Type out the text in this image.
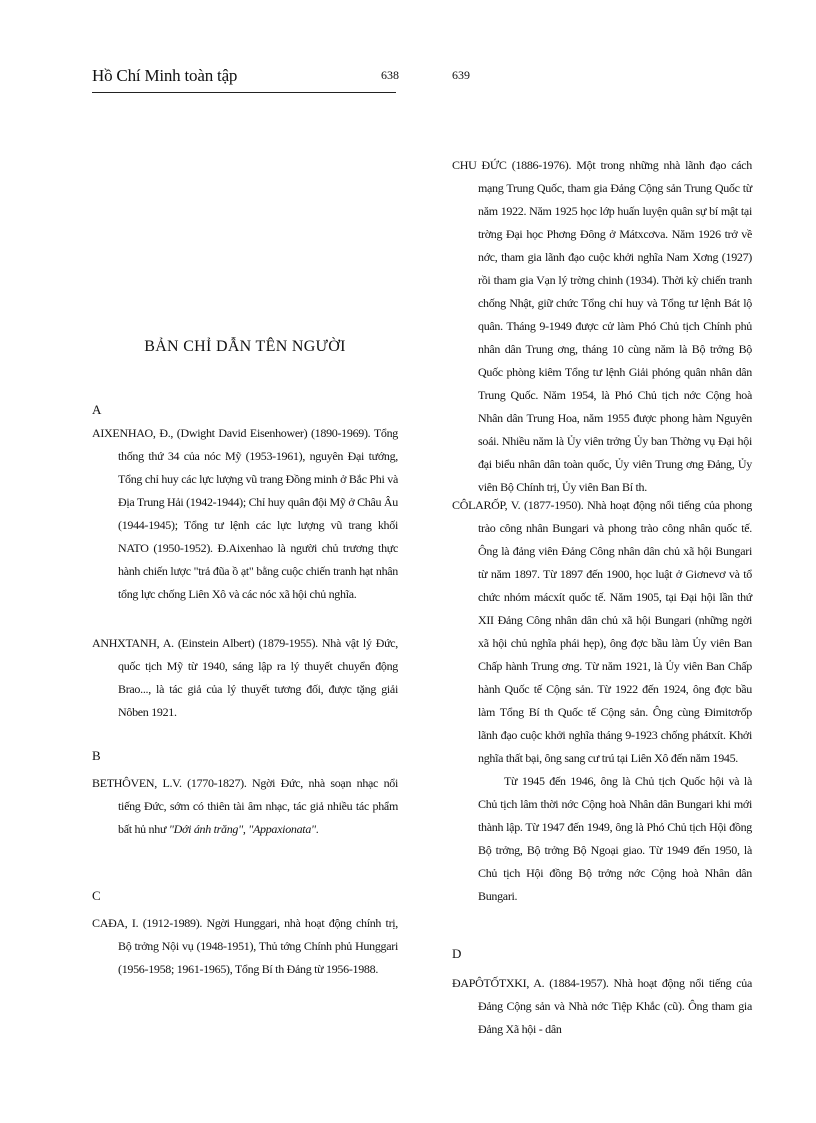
Hồ Chí Minh toàn tập	638	639
BẢN CHỈ DẪN TÊN NGƯỜI
A

AIXENHAO, Đ., (Dwight David Eisenhower) (1890-1969). Tổng thống thứ 34 của nóc Mỹ (1953-1961), nguyên Đại tướng, Tổng chỉ huy các lực lượng vũ trang Đồng minh ở Bắc Phi và Địa Trung Hải (1942-1944); Chỉ huy quân đội Mỹ ở Châu Âu (1944-1945); Tổng tư lệnh các lực lượng vũ trang khối NATO (1950-1952). Đ.Aixenhao là người chủ trương thực hành chiến lược "trả đũa ồ ạt" bằng cuộc chiến tranh hạt nhân tổng lực chống Liên Xô và các nóc xã hội chủ nghĩa.

ANHXTANH, A. (Einstein Albert) (1879-1955). Nhà vật lý Đức, quốc tịch Mỹ từ 1940, sáng lập ra lý thuyết chuyển động Brao..., là tác giả của lý thuyết tương đối, được tặng giải Nôben 1921.

B

BETHÔVEN, L.V. (1770-1827). Ngời Đức, nhà soạn nhạc nổi tiếng Đức, sớm có thiên tài âm nhạc, tác giả nhiều tác phẩm bất hủ như "Dới ánh trăng", "Appaxionata".

C

CAĐA, I. (1912-1989). Ngời Hunggari, nhà hoạt động chính trị, Bộ trởng Nội vụ (1948-1951), Thủ tớng Chính phủ Hunggari (1956-1958; 1961-1965), Tổng Bí th Đảng từ 1956-1988.

CHU ĐỨC (1886-1976). Một trong những nhà lãnh đạo cách mạng Trung Quốc, tham gia Đảng Cộng sản Trung Quốc từ năm 1922. Năm 1925 học lớp huấn luyện quân sự bí mật tại trờng Đại học Phơng Đông ở Mátxcơva. Năm 1926 trở về nớc, tham gia lãnh đạo cuộc khởi nghĩa Nam Xơng (1927) rồi tham gia Vạn lý trờng chinh (1934). Thời kỳ chiến tranh chống Nhật, giữ chức Tổng chỉ huy và Tổng tư lệnh Bát lộ quân. Tháng 9-1949 được cử làm Phó Chủ tịch Chính phủ nhân dân Trung ơng, tháng 10 cùng năm là Bộ trởng Bộ Quốc phòng kiêm Tổng tư lệnh Giải phóng quân nhân dân Trung Quốc. Năm 1954, là Phó Chủ tịch nớc Cộng hoà Nhân dân Trung Hoa, năm 1955 được phong hàm Nguyên soái. Nhiều năm là Ủy viên trởng Ủy ban Thờng vụ Đại hội đại biểu nhân dân toàn quốc, Ủy viên Trung ơng Đảng, Ủy viên Bộ Chính trị, Ủy viên Ban Bí th.

CÔLARỐP, V. (1877-1950). Nhà hoạt động nổi tiếng của phong trào công nhân Bungari và phong trào công nhân quốc tế. Ông là đảng viên Đảng Công nhân dân chủ xã hội Bungari từ năm 1897. Từ 1897 đến 1900, học luật ở Giơnevơ và tổ chức nhóm mácxít quốc tế. Năm 1905, tại Đại hội lần thứ XII Đảng Công nhân dân chủ xã hội Bungari (những ngời xã hội chủ nghĩa phái hẹp), ông đợc bầu làm Ủy viên Ban Chấp hành Trung ơng. Từ năm 1921, là Ủy viên Ban Chấp hành Quốc tế Cộng sản. Từ 1922 đến 1924, ông đợc bầu làm Tổng Bí th Quốc tế Cộng sản. Ông cùng Đimitơrốp lãnh đạo cuộc khởi nghĩa tháng 9-1923 chống phátxít. Khởi nghĩa thất bại, ông sang cư trú tại Liên Xô đến năm 1945.

Từ 1945 đến 1946, ông là Chủ tịch Quốc hội và là Chủ tịch lâm thời nớc Cộng hoà Nhân dân Bungari khi mới thành lập. Từ 1947 đến 1949, ông là Phó Chủ tịch Hội đồng Bộ trởng, Bộ trởng Bộ Ngoại giao. Từ 1949 đến 1950, là Chủ tịch Hội đồng Bộ trởng nớc Cộng hoà Nhân dân Bungari.

D

ĐAPÔTỐTXKI, A. (1884-1957). Nhà hoạt động nổi tiếng của Đảng Cộng sản và Nhà nớc Tiệp Khắc (cũ). Ông tham gia Đảng Xã hội - dân
